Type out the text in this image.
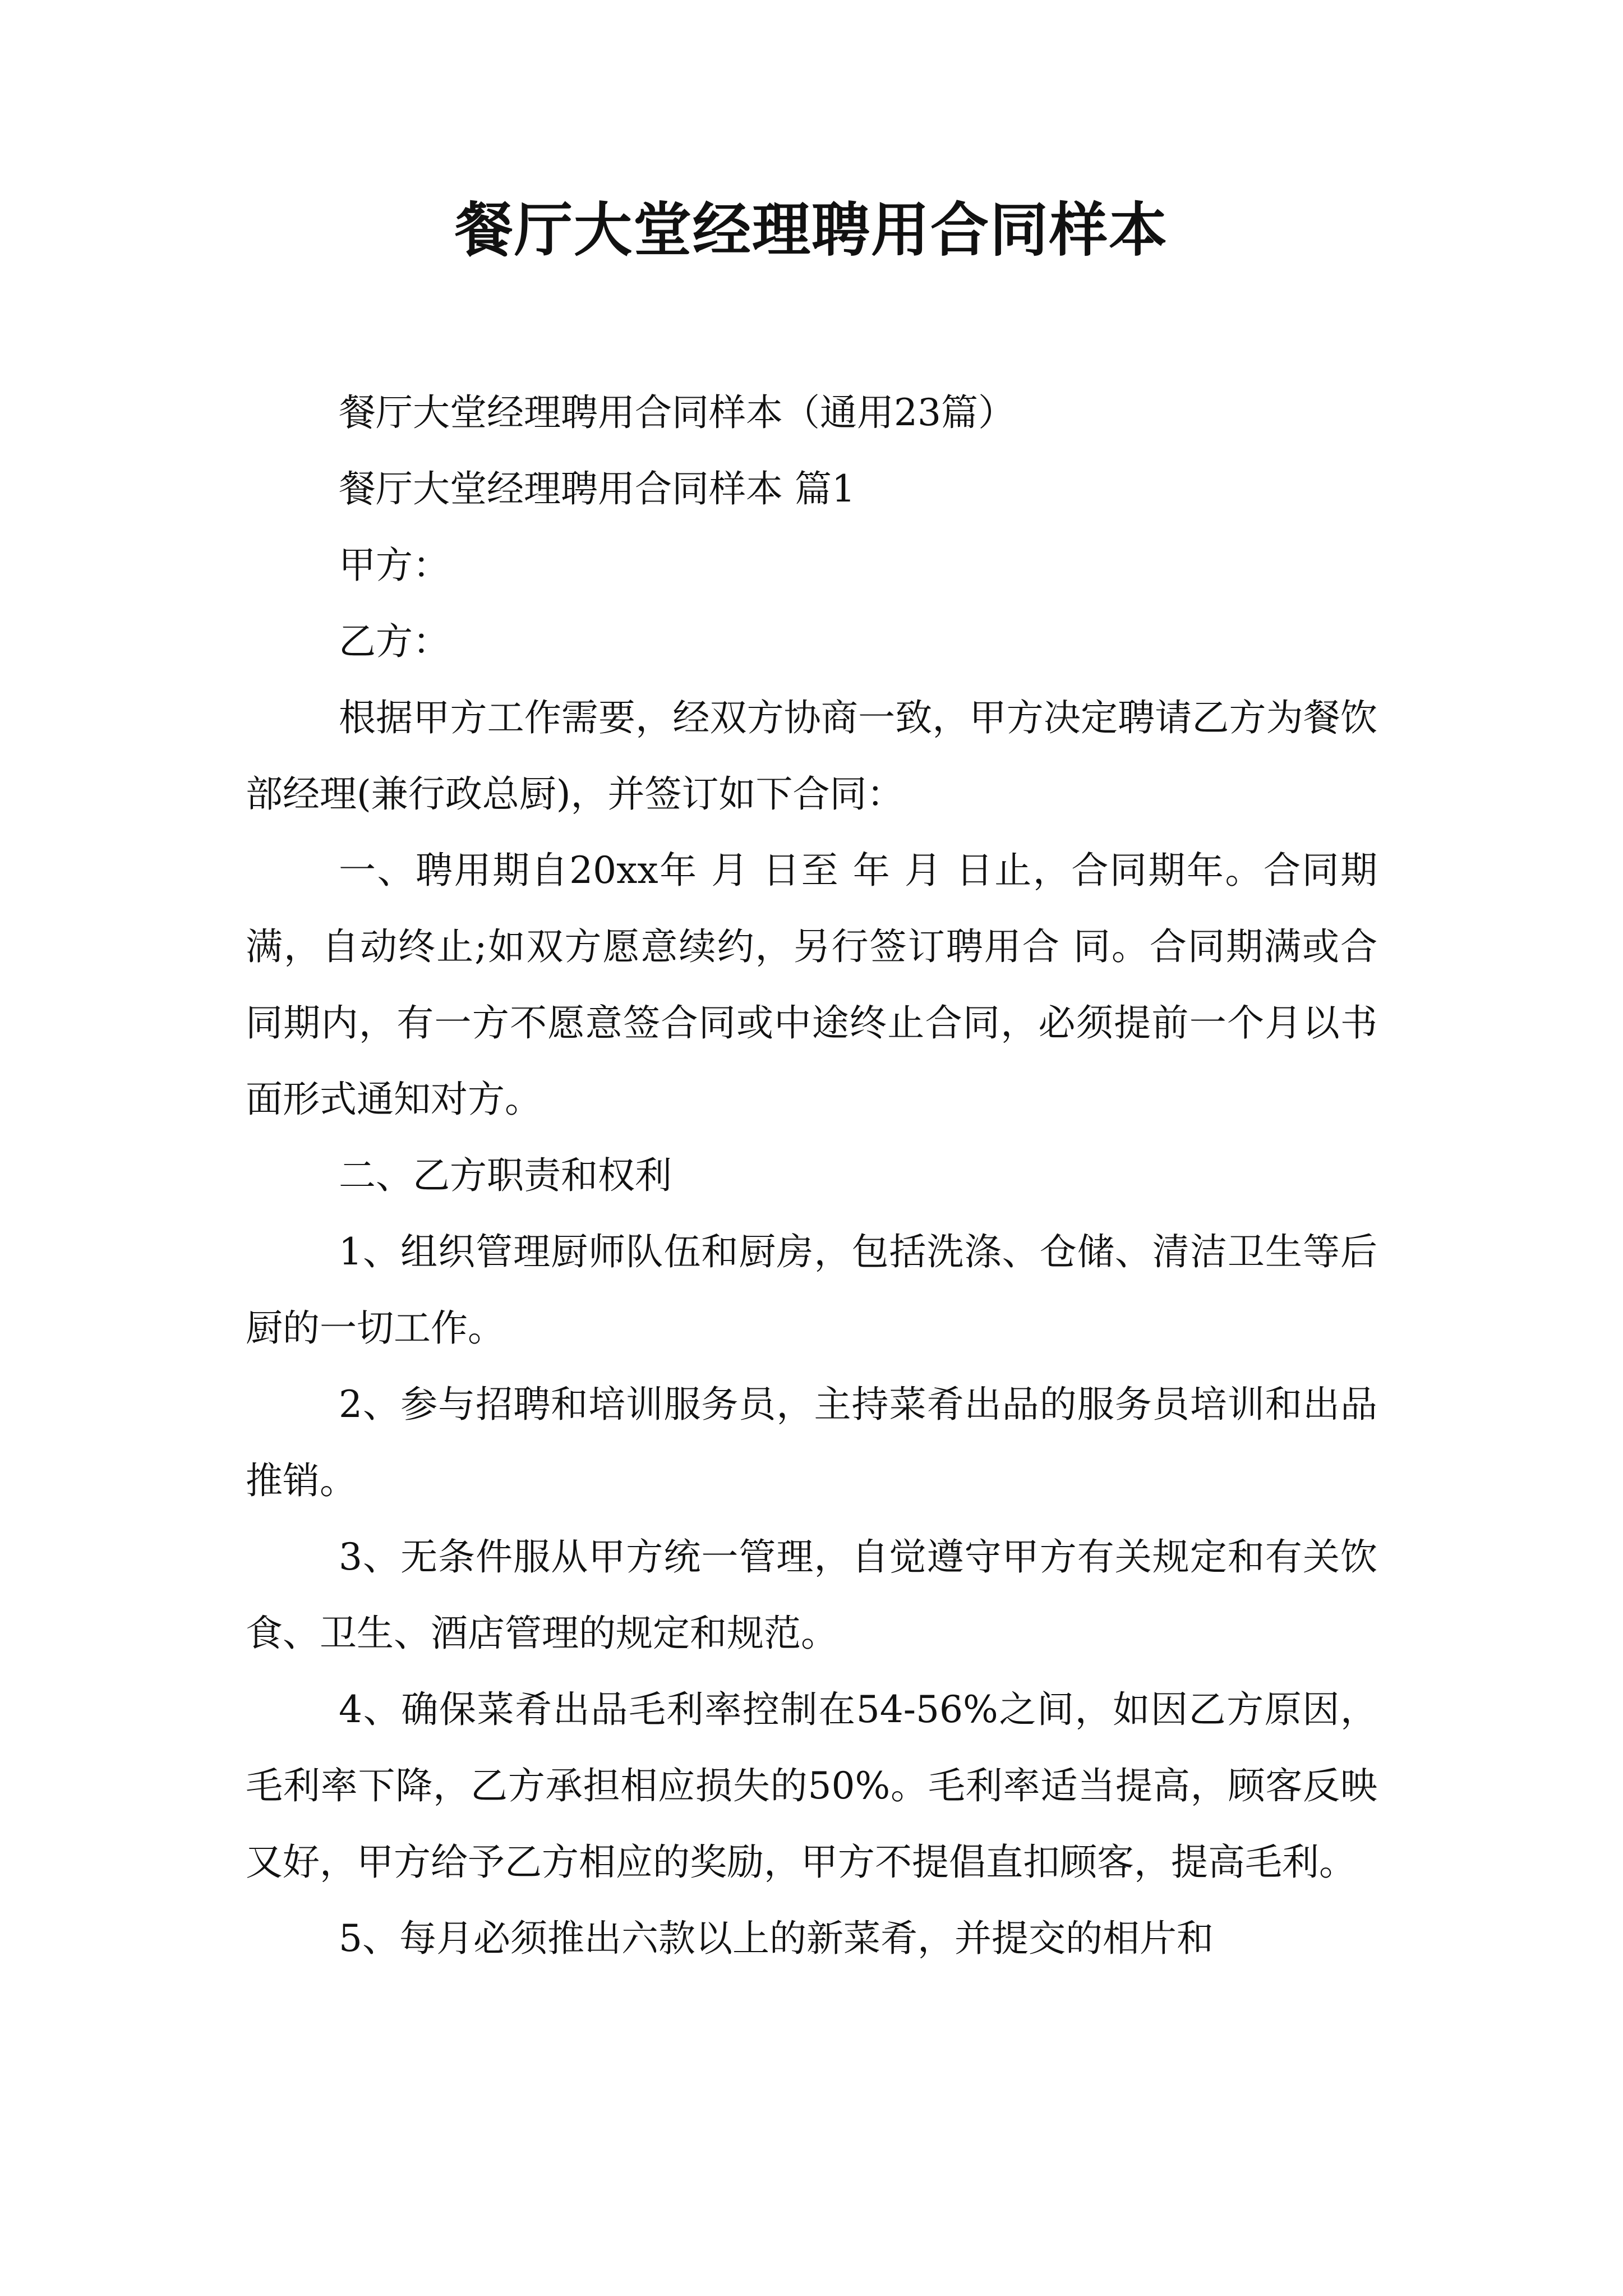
餐厅大堂经理聘用合同样本

餐厅大堂经理聘用合同样本（通用23篇）

餐厅大堂经理聘用合同样本 篇1

甲方：

乙方：

根据甲方工作需要，经双方协商一致，甲方决定聘请乙方为餐饮部经理(兼行政总厨)，并签订如下合同：

一、聘用期自20xx年 月 日至 年 月 日止，合同期年。合同期满，自动终止;如双方愿意续约，另行签订聘用合 同。合同期满或合同期内，有一方不愿意签合同或中途终止合同，必须提前一个月以书面形式通知对方。

二、乙方职责和权利

1、组织管理厨师队伍和厨房，包括洗涤、仓储、清洁卫生等后厨的一切工作。

2、参与招聘和培训服务员，主持菜肴出品的服务员培训和出品推销。

3、无条件服从甲方统一管理，自觉遵守甲方有关规定和有关饮食、卫生、酒店管理的规定和规范。

4、确保菜肴出品毛利率控制在54-56%之间，如因乙方原因，毛利率下降，乙方承担相应损失的50%。毛利率适当提高，顾客反映又好，甲方给予乙方相应的奖励，甲方不提倡直扣顾客，提高毛利。

5、每月必须推出六款以上的新菜肴，并提交的相片和
